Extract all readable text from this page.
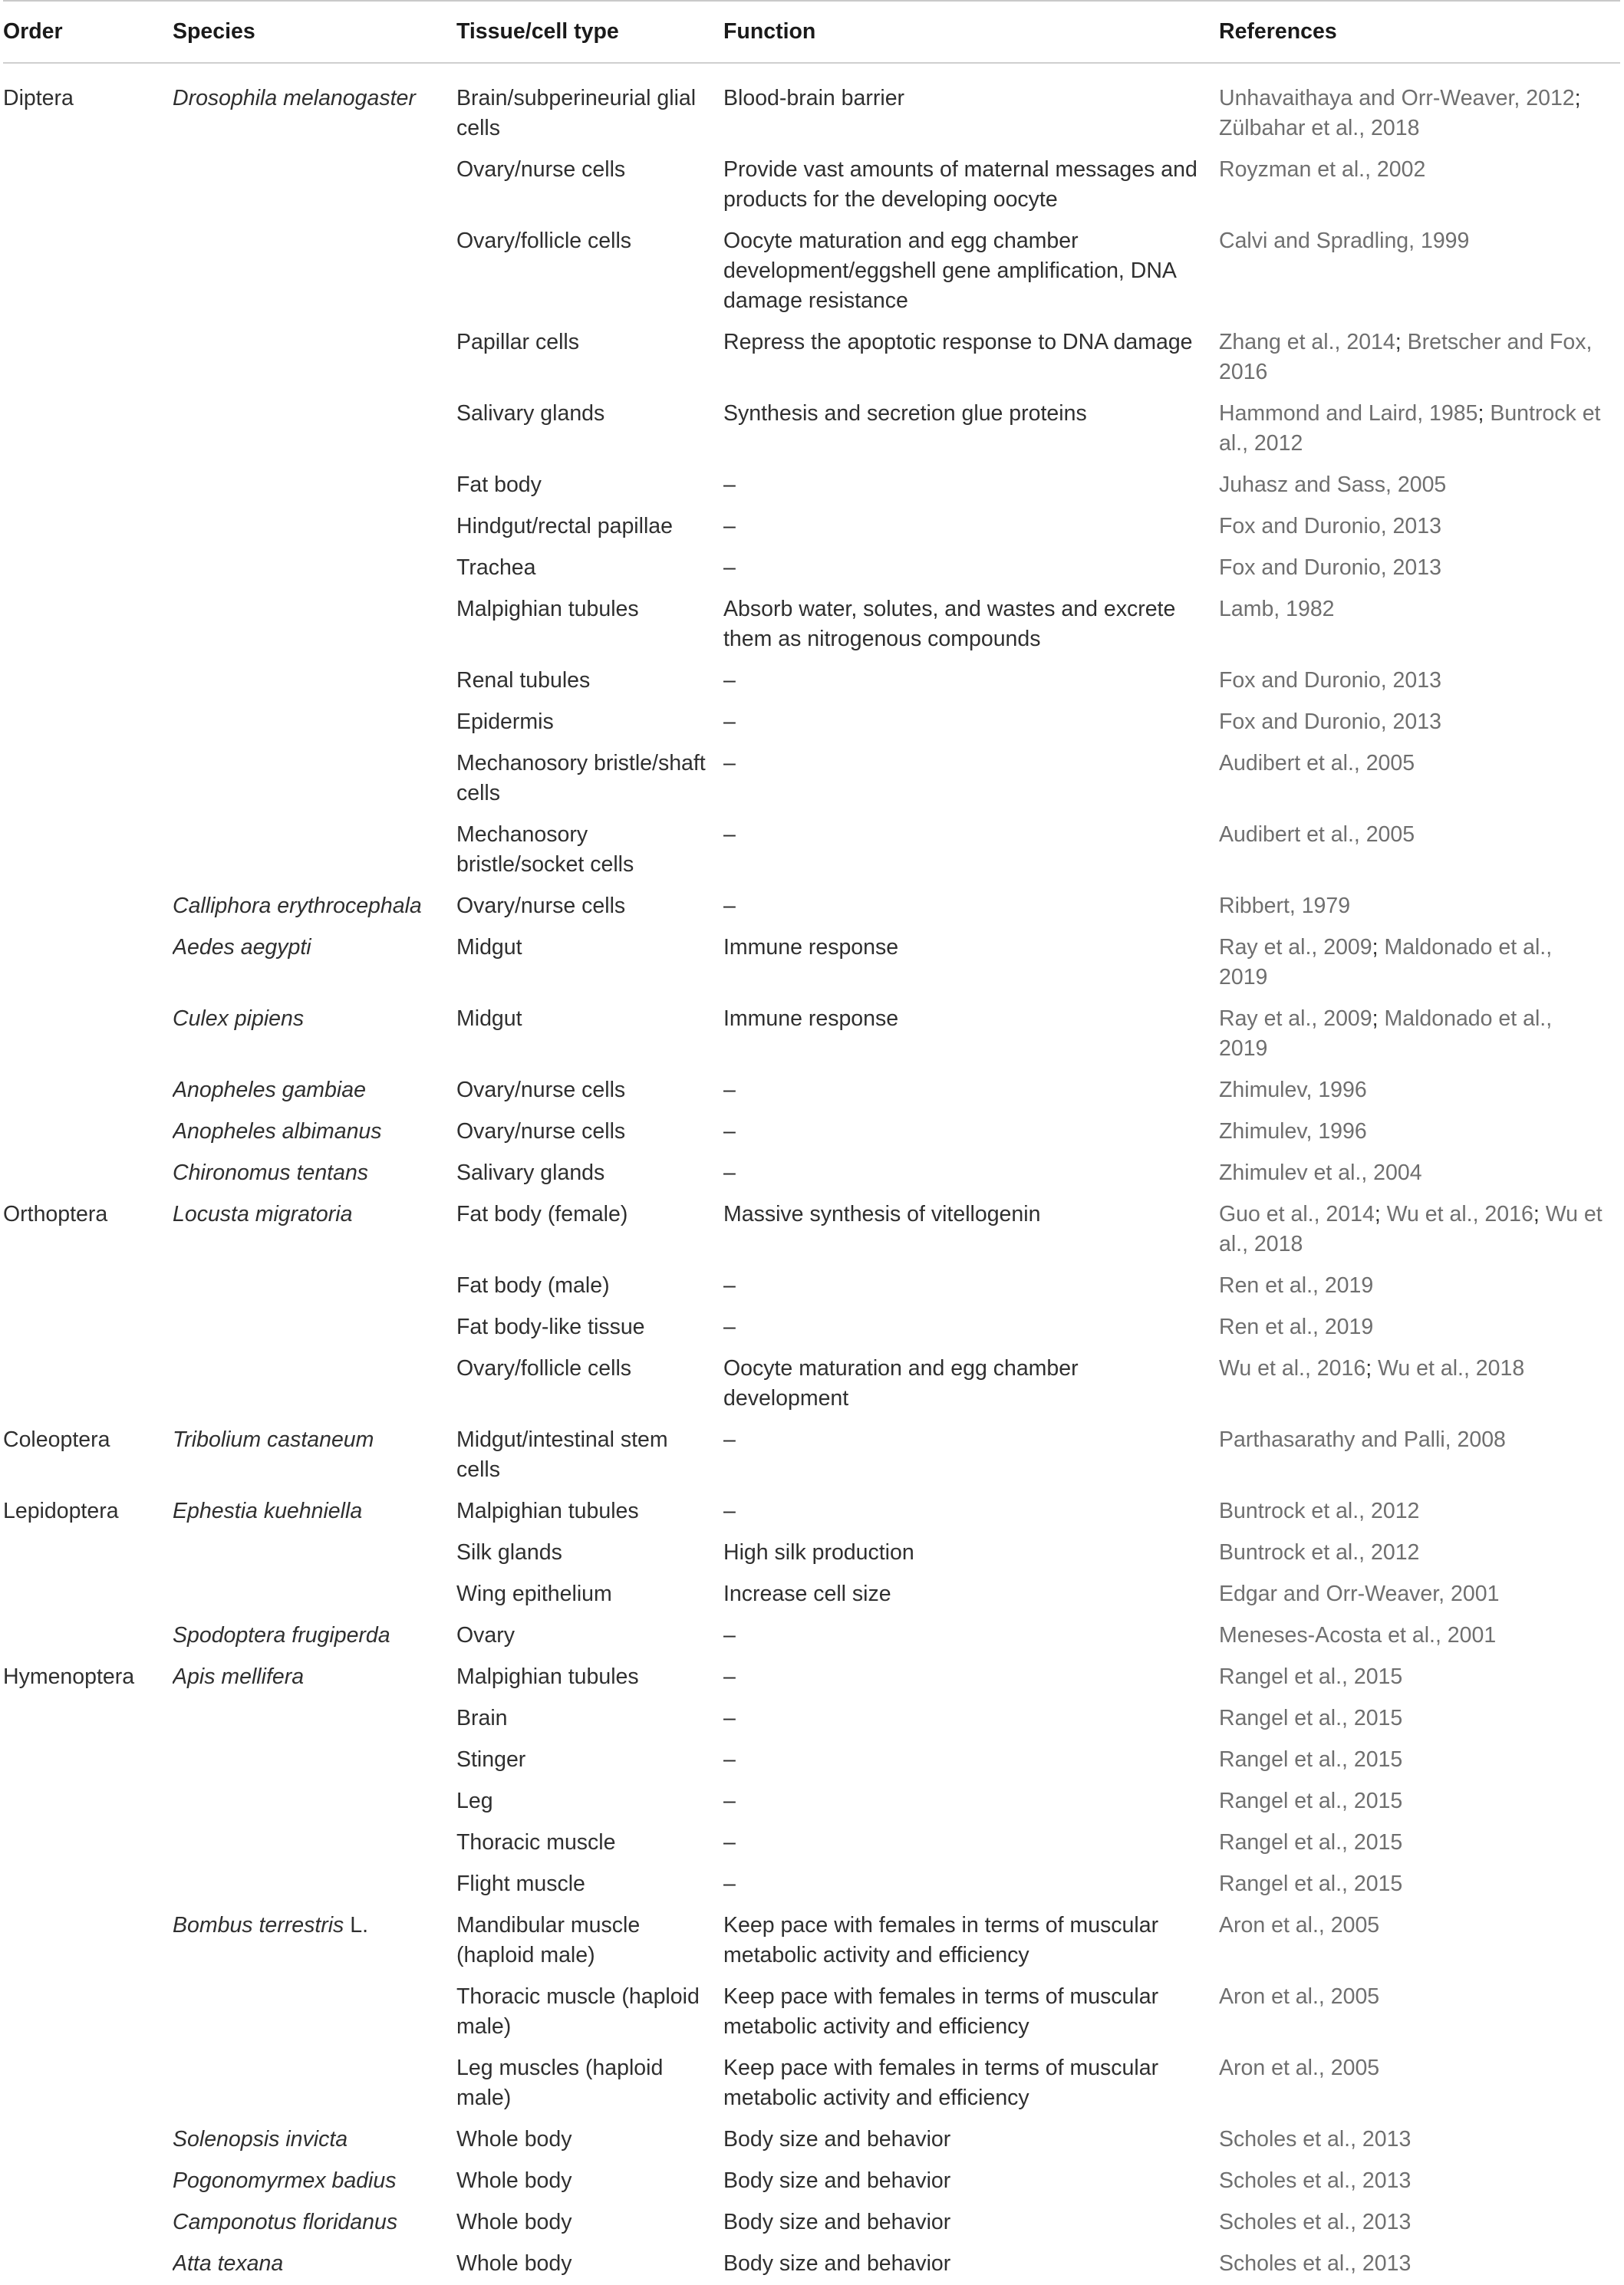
Order	Species	Tissue/cell type	Function	References
Diptera	Drosophila melanogaster	Brain/subperineurial glial cells	Blood-brain barrier	Unhavaithaya and Orr-Weaver, 2012; Zülbahar et al., 2018
		Ovary/nurse cells	Provide vast amounts of maternal messages and products for the developing oocyte	Royzman et al., 2002
		Ovary/follicle cells	Oocyte maturation and egg chamber development/eggshell gene amplification, DNA damage resistance	Calvi and Spradling, 1999
		Papillar cells	Repress the apoptotic response to DNA damage	Zhang et al., 2014; Bretscher and Fox, 2016
		Salivary glands	Synthesis and secretion glue proteins	Hammond and Laird, 1985; Buntrock et al., 2012
		Fat body	–	Juhasz and Sass, 2005
		Hindgut/rectal papillae	–	Fox and Duronio, 2013
		Trachea	–	Fox and Duronio, 2013
		Malpighian tubules	Absorb water, solutes, and wastes and excrete them as nitrogenous compounds	Lamb, 1982
		Renal tubules	–	Fox and Duronio, 2013
		Epidermis	–	Fox and Duronio, 2013
		Mechanosory bristle/shaft cells	–	Audibert et al., 2005
		Mechanosory bristle/socket cells	–	Audibert et al., 2005
	Calliphora erythrocephala	Ovary/nurse cells	–	Ribbert, 1979
	Aedes aegypti	Midgut	Immune response	Ray et al., 2009; Maldonado et al., 2019
	Culex pipiens	Midgut	Immune response	Ray et al., 2009; Maldonado et al., 2019
	Anopheles gambiae	Ovary/nurse cells	–	Zhimulev, 1996
	Anopheles albimanus	Ovary/nurse cells	–	Zhimulev, 1996
	Chironomus tentans	Salivary glands	–	Zhimulev et al., 2004
Orthoptera	Locusta migratoria	Fat body (female)	Massive synthesis of vitellogenin	Guo et al., 2014; Wu et al., 2016; Wu et al., 2018
		Fat body (male)	–	Ren et al., 2019
		Fat body-like tissue	–	Ren et al., 2019
		Ovary/follicle cells	Oocyte maturation and egg chamber development	Wu et al., 2016; Wu et al., 2018
Coleoptera	Tribolium castaneum	Midgut/intestinal stem cells	–	Parthasarathy and Palli, 2008
Lepidoptera	Ephestia kuehniella	Malpighian tubules	–	Buntrock et al., 2012
		Silk glands	High silk production	Buntrock et al., 2012
		Wing epithelium	Increase cell size	Edgar and Orr-Weaver, 2001
	Spodoptera frugiperda	Ovary	–	Meneses-Acosta et al., 2001
Hymenoptera	Apis mellifera	Malpighian tubules	–	Rangel et al., 2015
		Brain	–	Rangel et al., 2015
		Stinger	–	Rangel et al., 2015
		Leg	–	Rangel et al., 2015
		Thoracic muscle	–	Rangel et al., 2015
		Flight muscle	–	Rangel et al., 2015
	Bombus terrestris L.	Mandibular muscle (haploid male)	Keep pace with females in terms of muscular metabolic activity and efficiency	Aron et al., 2005
		Thoracic muscle (haploid male)	Keep pace with females in terms of muscular metabolic activity and efficiency	Aron et al., 2005
		Leg muscles (haploid male)	Keep pace with females in terms of muscular metabolic activity and efficiency	Aron et al., 2005
	Solenopsis invicta	Whole body	Body size and behavior	Scholes et al., 2013
	Pogonomyrmex badius	Whole body	Body size and behavior	Scholes et al., 2013
	Camponotus floridanus	Whole body	Body size and behavior	Scholes et al., 2013
	Atta texana	Whole body	Body size and behavior	Scholes et al., 2013
